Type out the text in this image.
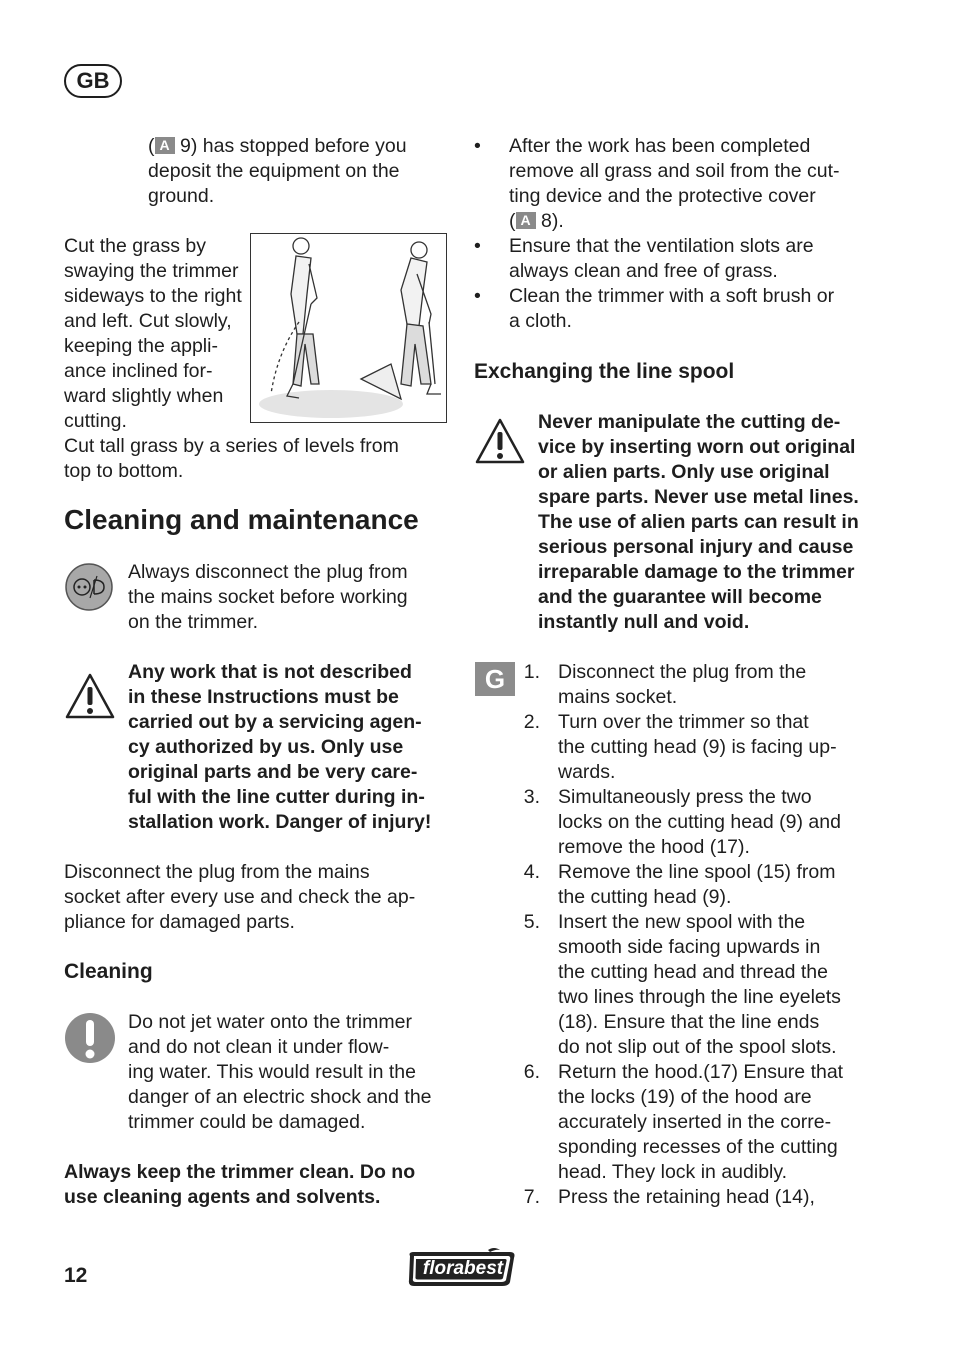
GB
( A 9) has stopped before you
deposit the equipment on the
ground.
Cut the grass by
swaying the trimmer
sideways to the right
and left. Cut slowly,
keeping the appli-
ance inclined for-
ward slightly when
cutting.
Cut tall grass by a series of levels from
top to bottom.
Cleaning and maintenance
Always disconnect the plug from
the mains socket before working
on the trimmer.
Any work that is not described
in these Instructions must be
carried out by a servicing agen-
cy authorized by us. Only use
original parts and be very care-
ful with the line cutter during in-
stallation work. Danger of injury!
Disconnect the plug from the mains
socket after every use and check the ap-
pliance for damaged parts.
Cleaning
Do not jet water onto the trimmer
and do not clean it under flow-
ing water. This would result in the
danger of an electric shock and the
trimmer could be damaged.
Always keep the trimmer clean. Do no
use cleaning agents and solvents.
• After the work has been completed
remove all grass and soil from the cut-
ting device and the protective cover
( A 8).
• Ensure that the ventilation slots are
always clean and free of grass.
• Clean the trimmer with a soft brush or
a cloth.
Exchanging the line spool
Never manipulate the cutting de-
vice by inserting worn out original
or alien parts. Only use original
spare parts. Never use metal lines.
The use of alien parts can result in
serious personal injury and cause
irreparable damage to the trimmer
and the guarantee will become
instantly null and void.
G 1. Disconnect the plug from the
mains socket.
2. Turn over the trimmer so that
the cutting head (9) is facing up-
wards.
3. Simultaneously press the two
locks on the cutting head (9) and
remove the hood (17).
4. Remove the line spool (15) from
the cutting head (9).
5. Insert the new spool with the
smooth side facing upwards in
the cutting head and thread the
two lines through the line eyelets
(18). Ensure that the line ends
do not slip out of the spool slots.
6. Return the hood.(17) Ensure that
the locks (19) of the hood are
accurately inserted in the corre-
sponding recesses of the cutting
head. They lock in audibly.
7. Press the retaining head (14),
12	florabest
